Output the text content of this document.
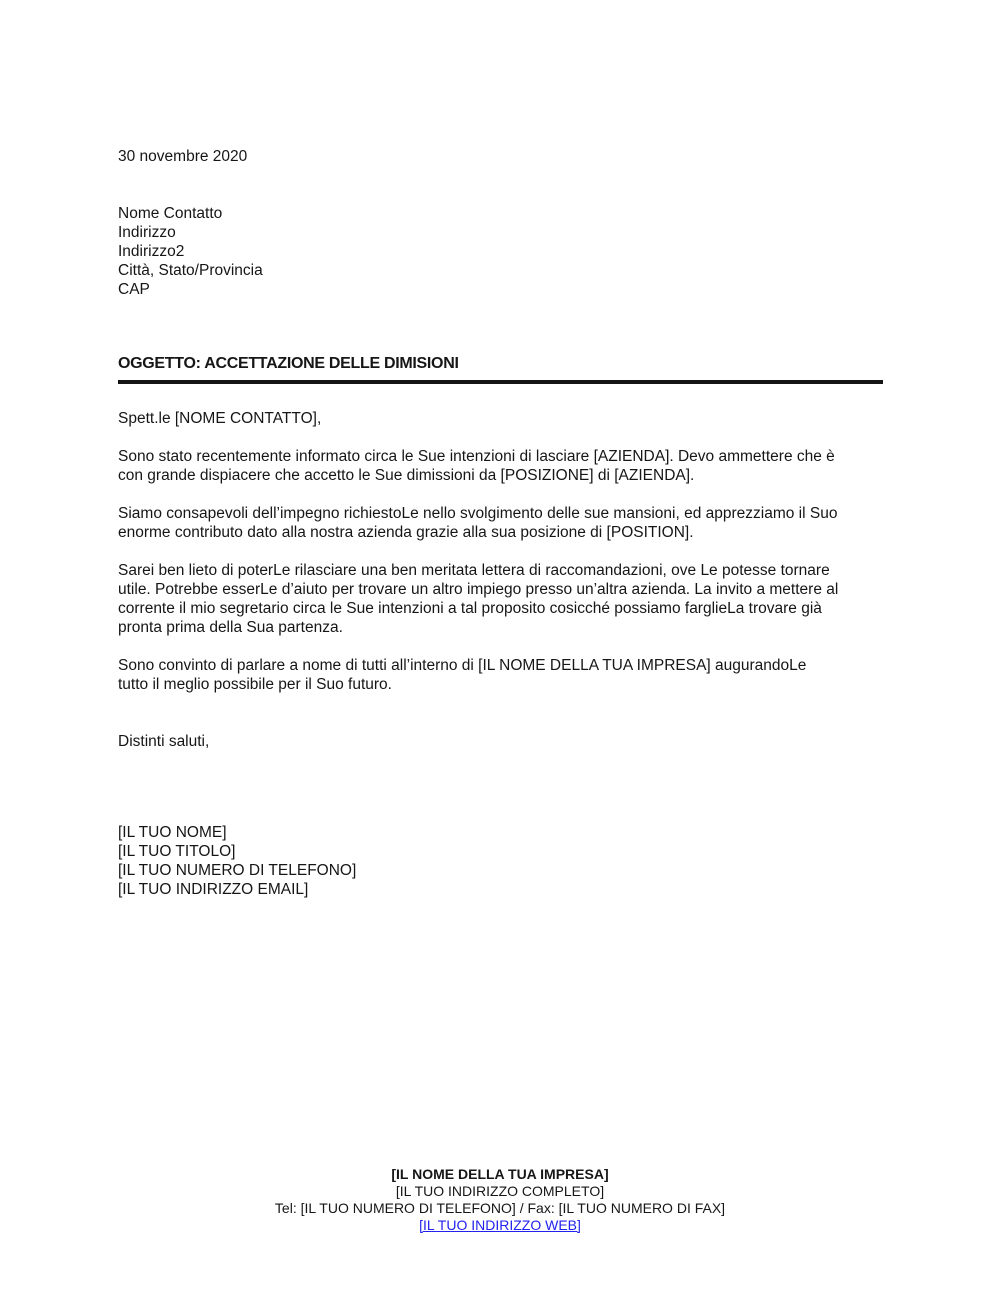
30 novembre 2020
Nome Contatto
Indirizzo
Indirizzo2
Città, Stato/Provincia
CAP
OGGETTO: ACCETTAZIONE DELLE DIMISIONI
Spett.le [NOME CONTATTO],
Sono stato recentemente informato circa le Sue intenzioni di lasciare [AZIENDA]. Devo ammettere che è
con grande dispiacere che accetto le Sue dimissioni da [POSIZIONE] di [AZIENDA].
Siamo consapevoli dell’impegno richiestoLe nello svolgimento delle sue mansioni, ed apprezziamo il Suo
enorme contributo dato alla nostra azienda grazie alla sua posizione di [POSITION].
Sarei ben lieto di poterLe rilasciare una ben meritata lettera di raccomandazioni, ove Le potesse tornare
utile. Potrebbe esserLe d’aiuto per trovare un altro impiego presso un’altra azienda. La invito a mettere al
corrente il mio segretario circa le Sue intenzioni a tal proposito cosicché possiamo farglieLa trovare già
pronta prima della Sua partenza.
Sono convinto di parlare a nome di tutti all’interno di [IL NOME DELLA TUA IMPRESA] augurandoLe
tutto il meglio possibile per il Suo futuro.
Distinti saluti,
[IL TUO NOME]
[IL TUO TITOLO]
[IL TUO NUMERO DI TELEFONO]
[IL TUO INDIRIZZO EMAIL]
[IL NOME DELLA TUA IMPRESA]
[IL TUO INDIRIZZO COMPLETO]
Tel: [IL TUO NUMERO DI TELEFONO] / Fax: [IL TUO NUMERO DI FAX]
[IL TUO INDIRIZZO WEB]
